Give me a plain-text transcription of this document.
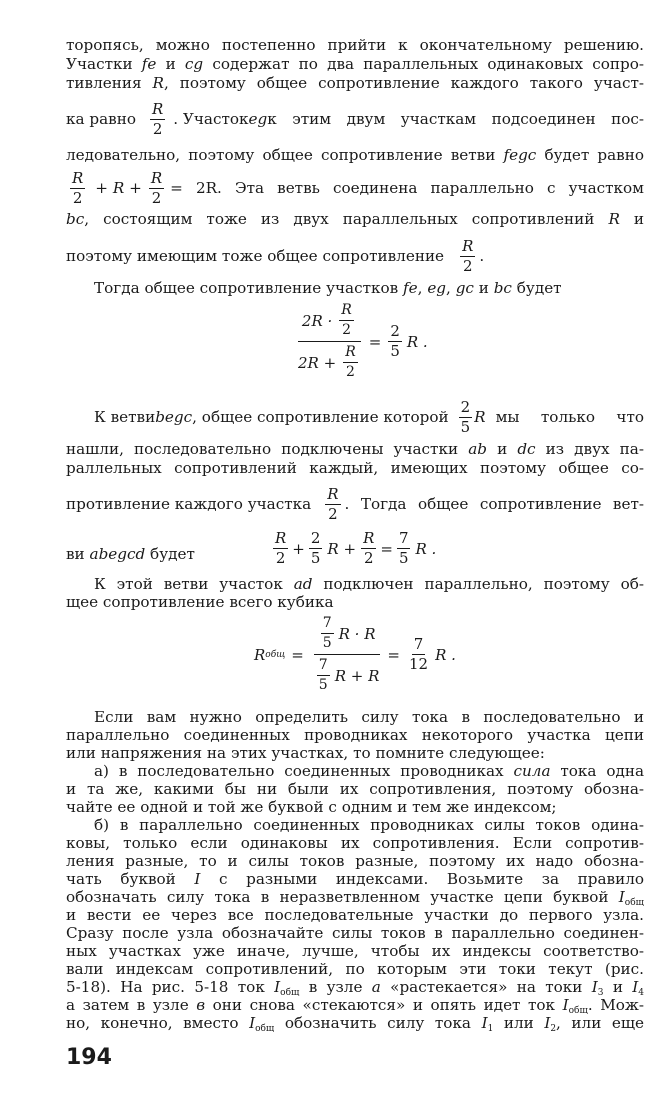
торопясь, можно постепенно прийти к окончательному решению.
Участки fe и cg содержат по два параллельных одинаковых сопро-
тивления R, поэтому общее сопротивление каждого такого участ-
ка равно $\frac{R}{2}$ . Участок eg к этим двум участкам подсоединен пос-
ледовательно, поэтому общее сопротивление ветви fegc будет равно
$\frac{R}{2} + R + \frac{R}{2} = 2R$. Эта ветвь соединена параллельно с участком
bc, состоящим тоже из двух параллельных сопротивлений R и
поэтому имеющим тоже общее сопротивление $\frac{R}{2}$ .
Тогда общее сопротивление участков fe, eg, gc и bc будет
$\frac{2R \cdot \frac{R}{2}}{2R + \frac{R}{2}} = \frac{2}{5}$ R .
К ветви begc , общее сопротивление которой $\frac{2}{5}$ R мы только что
нашли, последовательно подключены участки ab и dc из двух па-
раллельных сопротивлений каждый, имеющих поэтому общее со-
противление каждого участка $\frac{R}{2}$ . Тогда общее сопротивление вет-
ви abegcd будет	$\frac{R}{2} + \frac{2}{5}$ $R + \frac{R}{2} = \frac{7}{5}$ R .
К этой ветви участок ad подключен параллельно, поэтому об-
щее сопротивление всего кубика
R общ = $\frac{\frac{7}{5} R \cdot R}{\frac{7}{5} R + R} = \frac{7}{12}$ R .
Если вам нужно определить силу тока в последовательно и
параллельно соединенных проводниках некоторого участка цепи
или напряжения на этих участках, то помните следующее:
а) в последовательно соединенных проводниках сила тока одна
и та же, какими бы ни были их сопротивления, поэтому обозна-
чайте ее одной и той же буквой с одним и тем же индексом;
б) в параллельно соединенных проводниках силы токов одина-
ковы, только если одинаковы их сопротивления. Если сопротив-
ления разные, то и силы токов разные, поэтому их надо обозна-
чать буквой I с разными индексами. Возьмите за правило
обозначать силу тока в неразветвленном участке цепи буквой $I_{общ}$
и вести ее через все последовательные участки до первого узла.
Сразу после узла обозначайте силы токов в параллельно соединен-
ных участках уже иначе, лучше, чтобы их индексы соответство-
вали индексам сопротивлений, по которым эти токи текут (рис.
5-18). На рис. 5-18 ток $I_{общ}$ в узле а «растекается» на токи $I_3$ и $I_4$
а затем в узле в они снова «стекаются» и опять идет ток $I_{общ}$. Мож-
но, конечно, вместо $I_{общ}$ обозначить силу тока $I_1$ или $I_2$, или еще
194
